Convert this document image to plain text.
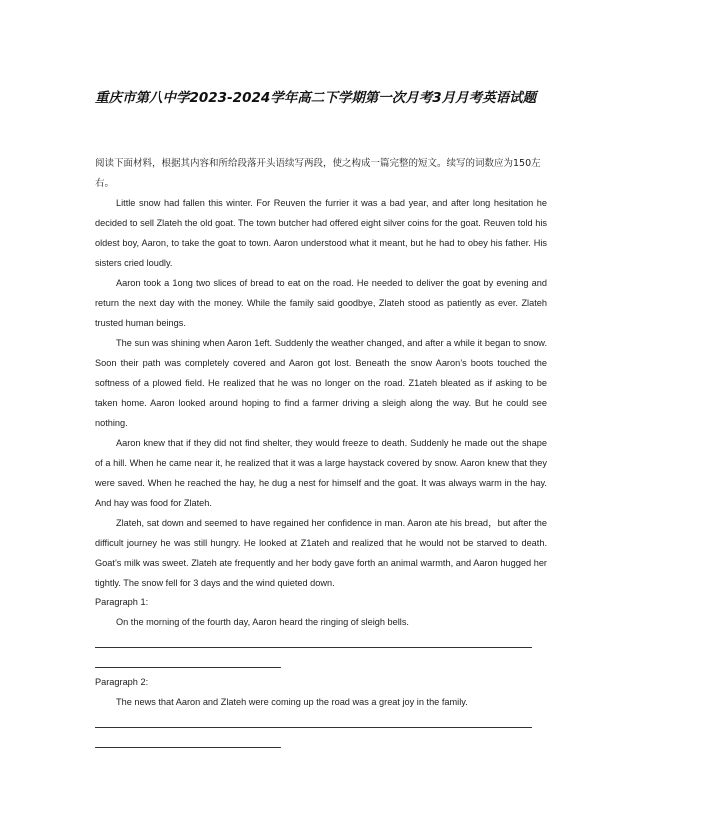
重庆市第八中学2023-2024学年高二下学期第一次月考3月月考英语试题
阅读下面材料，根据其内容和所给段落开头语续写两段，使之构成一篇完整的短文。续写的词数应为150左右。

Little snow had fallen this winter. For Reuven the furrier it was a bad year, and after long hesitation he decided to sell Zlateh the old goat. The town butcher had offered eight silver coins for the goat. Reuven told his oldest boy, Aaron, to take the goat to town. Aaron understood what it meant, but he had to obey his father. His sisters cried loudly.

Aaron took a 1ong two slices of bread to eat on the road. He needed to deliver the goat by evening and return the next day with the money. While the family said goodbye, Zlateh stood as patiently as ever. Zlateh trusted human beings.

The sun was shining when Aaron 1eft. Suddenly the weather changed, and after a while it began to snow. Soon their path was completely covered and Aaron got lost. Beneath the snow Aaron’s boots touched the softness of a plowed field. He realized that he was no longer on the road. Z1ateh bleated as if asking to be taken home. Aaron looked around hoping to find a farmer driving a sleigh along the way. But he could see nothing.

Aaron knew that if they did not find shelter, they would freeze to death. Suddenly he made out the shape of a hill. When he came near it, he realized that it was a large haystack covered by snow. Aaron knew that they were saved. When he reached the hay, he dug a nest for himself and the goat. It was always warm in the hay. And hay was food for Zlateh.

Zlateh, sat down and seemed to have regained her confidence in man. Aaron ate his bread，but after the difficult journey he was still hungry. He looked at Z1ateh and realized that he would not be starved to death. Goat’s milk was sweet. Zlateh ate frequently and her body gave forth an animal warmth, and Aaron hugged her tightly. The snow fell for 3 days and the wind quieted down.

Paragraph 1:

On the morning of the fourth day, Aaron heard the ringing of sleigh bells.

Paragraph 2:

The news that Aaron and Zlateh were coming up the road was a great joy in the family.
